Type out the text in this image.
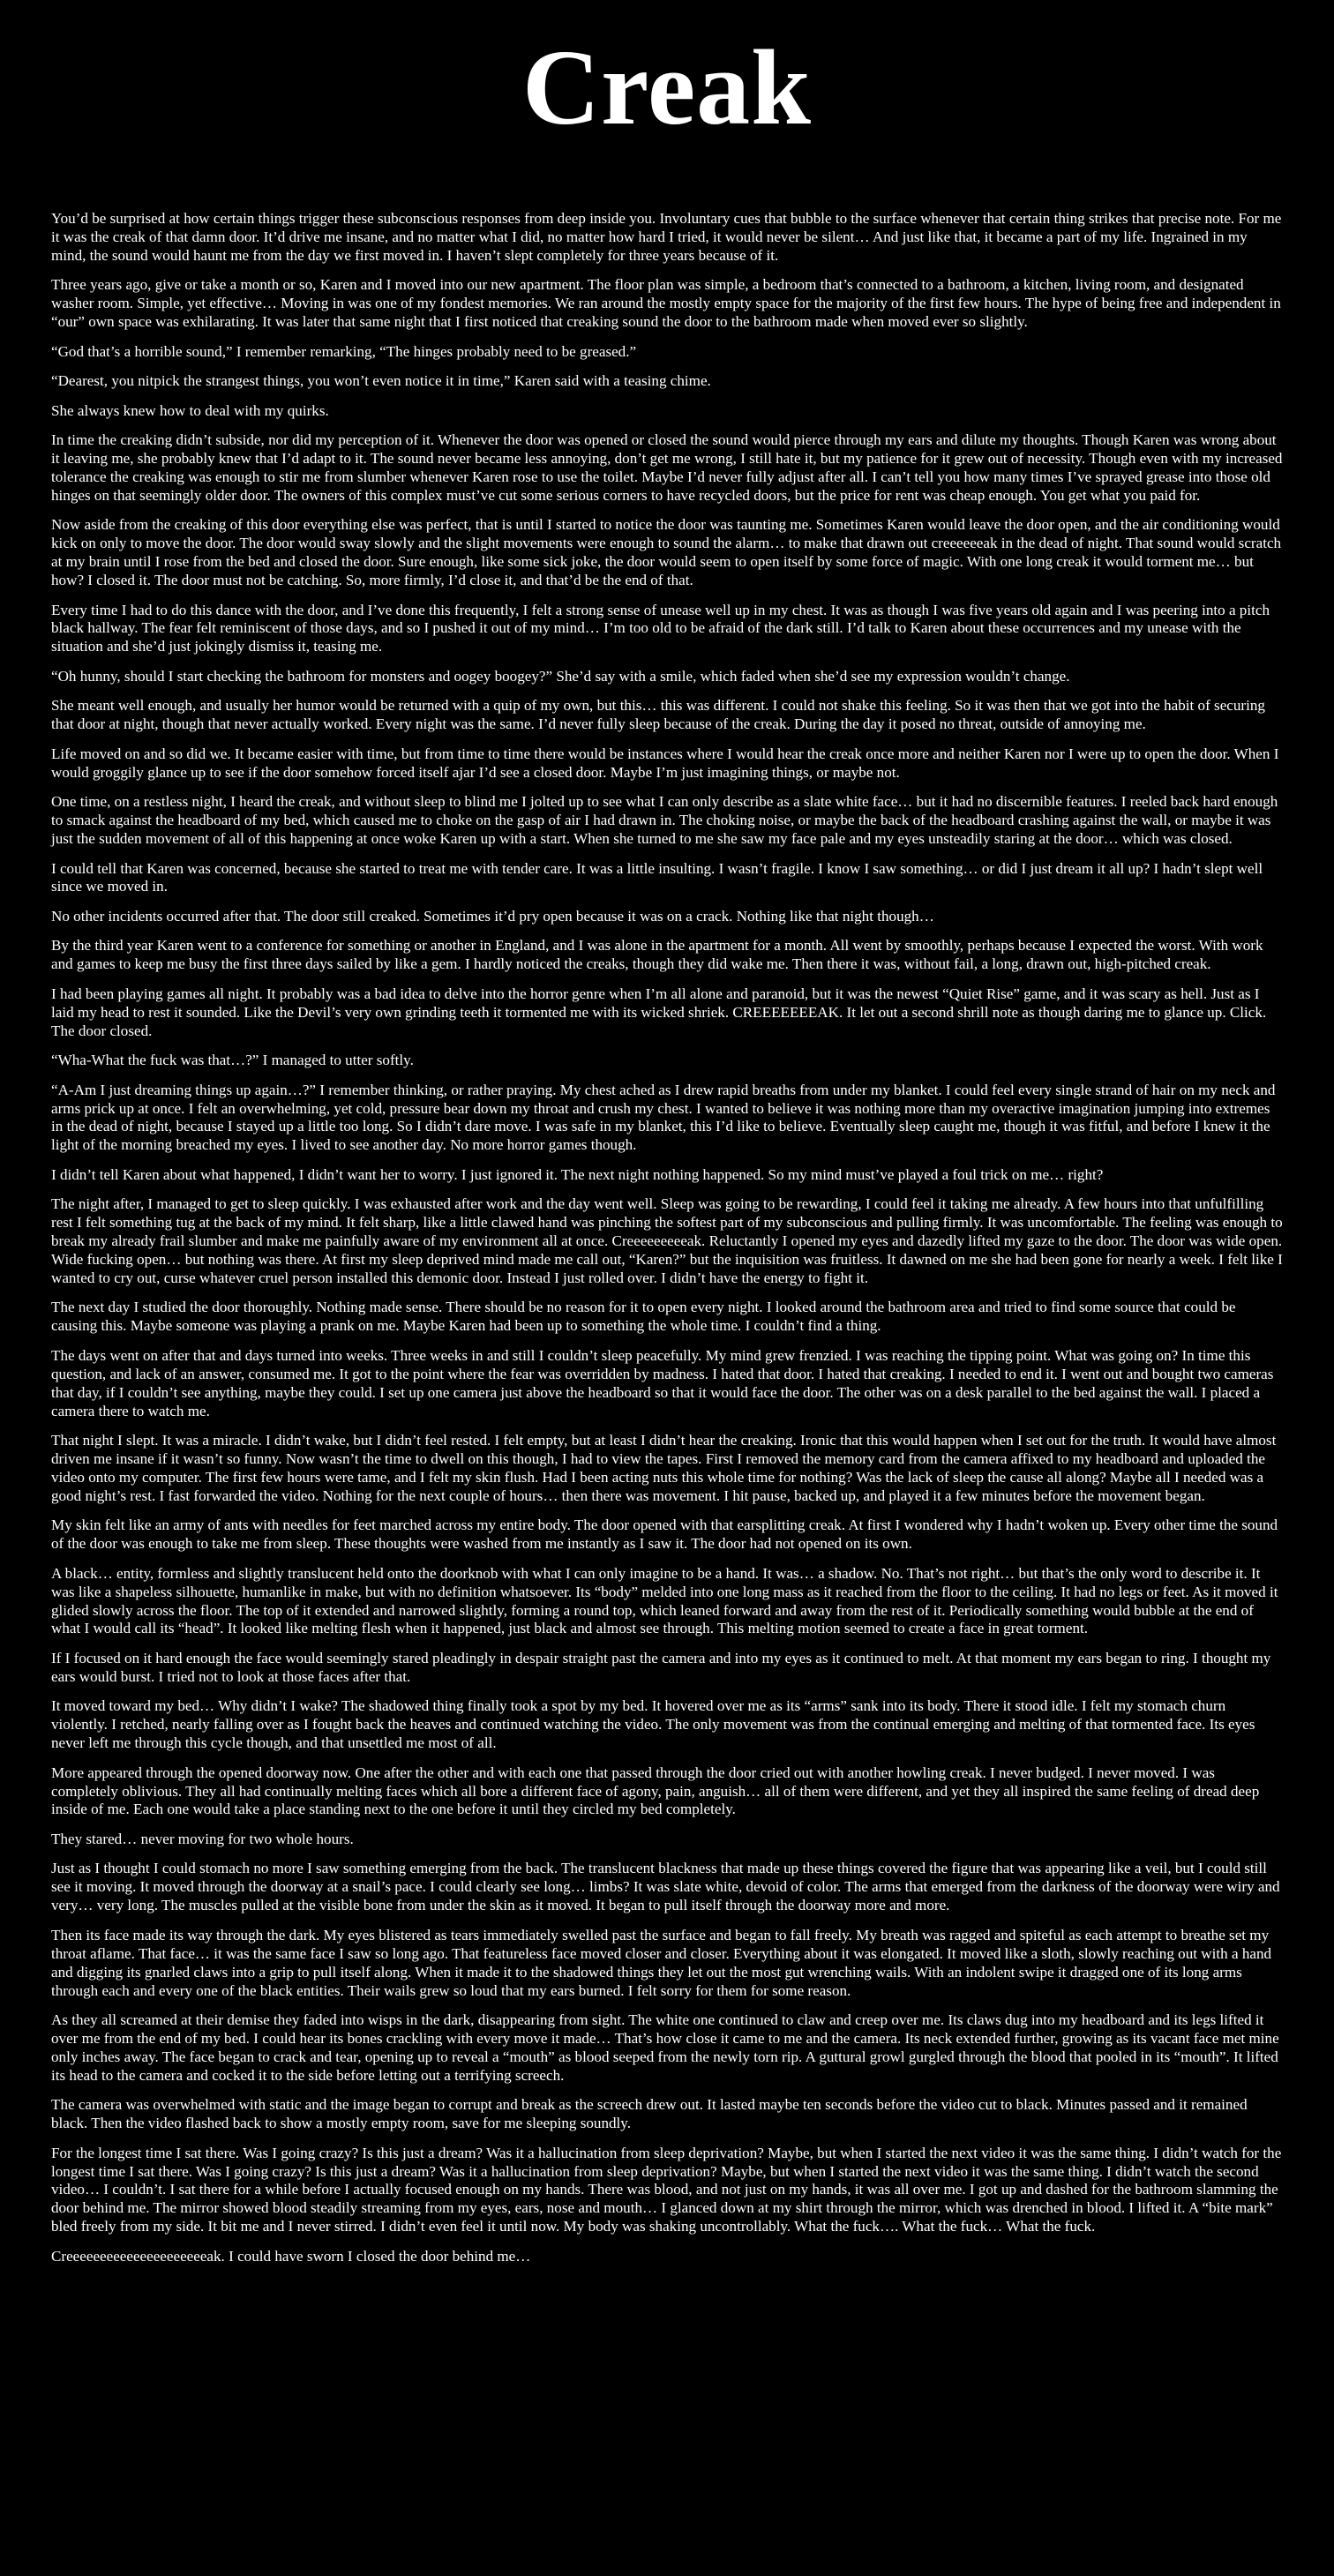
Creak

You’d be surprised at how certain things trigger these subconscious responses from deep inside you. Involuntary cues that bubble to the surface whenever that certain thing strikes that precise note. For me it was the creak of that damn door. It’d drive me insane, and no matter what I did, no matter how hard I tried, it would never be silent… And just like that, it became a part of my life. Ingrained in my mind, the sound would haunt me from the day we first moved in. I haven’t slept completely for three years because of it.

Three years ago, give or take a month or so, Karen and I moved into our new apartment. The floor plan was simple, a bedroom that’s connected to a bathroom, a kitchen, living room, and designated washer room. Simple, yet effective… Moving in was one of my fondest memories. We ran around the mostly empty space for the majority of the first few hours. The hype of being free and independent in “our” own space was exhilarating. It was later that same night that I first noticed that creaking sound the door to the bathroom made when moved ever so slightly.

“God that’s a horrible sound,” I remember remarking, “The hinges probably need to be greased.”

“Dearest, you nitpick the strangest things, you won’t even notice it in time,” Karen said with a teasing chime.

She always knew how to deal with my quirks.

In time the creaking didn’t subside, nor did my perception of it. Whenever the door was opened or closed the sound would pierce through my ears and dilute my thoughts. Though Karen was wrong about it leaving me, she probably knew that I’d adapt to it. The sound never became less annoying, don’t get me wrong, I still hate it, but my patience for it grew out of necessity. Though even with my increased tolerance the creaking was enough to stir me from slumber whenever Karen rose to use the toilet. Maybe I’d never fully adjust after all. I can’t tell you how many times I’ve sprayed grease into those old hinges on that seemingly older door. The owners of this complex must’ve cut some serious corners to have recycled doors, but the price for rent was cheap enough. You get what you paid for.

Now aside from the creaking of this door everything else was perfect, that is until I started to notice the door was taunting me. Sometimes Karen would leave the door open, and the air conditioning would kick on only to move the door. The door would sway slowly and the slight movements were enough to sound the alarm… to make that drawn out creeeeeeak in the dead of night. That sound would scratch at my brain until I rose from the bed and closed the door. Sure enough, like some sick joke, the door would seem to open itself by some force of magic. With one long creak it would torment me… but how? I closed it. The door must not be catching. So, more firmly, I’d close it, and that’d be the end of that.

Every time I had to do this dance with the door, and I’ve done this frequently, I felt a strong sense of unease well up in my chest. It was as though I was five years old again and I was peering into a pitch black hallway. The fear felt reminiscent of those days, and so I pushed it out of my mind… I’m too old to be afraid of the dark still. I’d talk to Karen about these occurrences and my unease with the situation and she’d just jokingly dismiss it, teasing me.

“Oh hunny, should I start checking the bathroom for monsters and oogey boogey?” She’d say with a smile, which faded when she’d see my expression wouldn’t change.

She meant well enough, and usually her humor would be returned with a quip of my own, but this… this was different. I could not shake this feeling. So it was then that we got into the habit of securing that door at night, though that never actually worked. Every night was the same. I’d never fully sleep because of the creak. During the day it posed no threat, outside of annoying me.

Life moved on and so did we. It became easier with time, but from time to time there would be instances where I would hear the creak once more and neither Karen nor I were up to open the door. When I would groggily glance up to see if the door somehow forced itself ajar I’d see a closed door. Maybe I’m just imagining things, or maybe not.

One time, on a restless night, I heard the creak, and without sleep to blind me I jolted up to see what I can only describe as a slate white face… but it had no discernible features. I reeled back hard enough to smack against the headboard of my bed, which caused me to choke on the gasp of air I had drawn in. The choking noise, or maybe the back of the headboard crashing against the wall, or maybe it was just the sudden movement of all of this happening at once woke Karen up with a start. When she turned to me she saw my face pale and my eyes unsteadily staring at the door… which was closed.

I could tell that Karen was concerned, because she started to treat me with tender care. It was a little insulting. I wasn’t fragile. I know I saw something… or did I just dream it all up? I hadn’t slept well since we moved in.

No other incidents occurred after that. The door still creaked. Sometimes it’d pry open because it was on a crack. Nothing like that night though…

By the third year Karen went to a conference for something or another in England, and I was alone in the apartment for a month. All went by smoothly, perhaps because I expected the worst. With work and games to keep me busy the first three days sailed by like a gem. I hardly noticed the creaks, though they did wake me. Then there it was, without fail, a long, drawn out, high-pitched creak.

I had been playing games all night. It probably was a bad idea to delve into the horror genre when I’m all alone and paranoid, but it was the newest “Quiet Rise” game, and it was scary as hell. Just as I laid my head to rest it sounded. Like the Devil’s very own grinding teeth it tormented me with its wicked shriek. CREEEEEEEAK. It let out a second shrill note as though daring me to glance up. Click. The door closed.

“Wha-What the fuck was that…?” I managed to utter softly.

“A-Am I just dreaming things up again…?” I remember thinking, or rather praying. My chest ached as I drew rapid breaths from under my blanket. I could feel every single strand of hair on my neck and arms prick up at once. I felt an overwhelming, yet cold, pressure bear down my throat and crush my chest. I wanted to believe it was nothing more than my overactive imagination jumping into extremes in the dead of night, because I stayed up a little too long. So I didn’t dare move. I was safe in my blanket, this I’d like to believe. Eventually sleep caught me, though it was fitful, and before I knew it the light of the morning breached my eyes. I lived to see another day. No more horror games though.

I didn’t tell Karen about what happened, I didn’t want her to worry. I just ignored it. The next night nothing happened. So my mind must’ve played a foul trick on me… right?

The night after, I managed to get to sleep quickly. I was exhausted after work and the day went well. Sleep was going to be rewarding, I could feel it taking me already. A few hours into that unfulfilling rest I felt something tug at the back of my mind. It felt sharp, like a little clawed hand was pinching the softest part of my subconscious and pulling firmly. It was uncomfortable. The feeling was enough to break my already frail slumber and make me painfully aware of my environment all at once. Creeeeeeeeeak. Reluctantly I opened my eyes and dazedly lifted my gaze to the door. The door was wide open. Wide fucking open… but nothing was there. At first my sleep deprived mind made me call out, “Karen?” but the inquisition was fruitless. It dawned on me she had been gone for nearly a week. I felt like I wanted to cry out, curse whatever cruel person installed this demonic door. Instead I just rolled over. I didn’t have the energy to fight it.

The next day I studied the door thoroughly. Nothing made sense. There should be no reason for it to open every night. I looked around the bathroom area and tried to find some source that could be causing this. Maybe someone was playing a prank on me. Maybe Karen had been up to something the whole time. I couldn’t find a thing.

The days went on after that and days turned into weeks. Three weeks in and still I couldn’t sleep peacefully. My mind grew frenzied. I was reaching the tipping point. What was going on? In time this question, and lack of an answer, consumed me. It got to the point where the fear was overridden by madness. I hated that door. I hated that creaking. I needed to end it. I went out and bought two cameras that day, if I couldn’t see anything, maybe they could. I set up one camera just above the headboard so that it would face the door. The other was on a desk parallel to the bed against the wall. I placed a camera there to watch me.

That night I slept. It was a miracle. I didn’t wake, but I didn’t feel rested. I felt empty, but at least I didn’t hear the creaking. Ironic that this would happen when I set out for the truth. It would have almost driven me insane if it wasn’t so funny. Now wasn’t the time to dwell on this though, I had to view the tapes. First I removed the memory card from the camera affixed to my headboard and uploaded the video onto my computer. The first few hours were tame, and I felt my skin flush. Had I been acting nuts this whole time for nothing? Was the lack of sleep the cause all along? Maybe all I needed was a good night’s rest. I fast forwarded the video. Nothing for the next couple of hours… then there was movement. I hit pause, backed up, and played it a few minutes before the movement began.

My skin felt like an army of ants with needles for feet marched across my entire body. The door opened with that earsplitting creak. At first I wondered why I hadn’t woken up. Every other time the sound of the door was enough to take me from sleep. These thoughts were washed from me instantly as I saw it. The door had not opened on its own.

A black… entity, formless and slightly translucent held onto the doorknob with what I can only imagine to be a hand. It was… a shadow. No. That’s not right… but that’s the only word to describe it. It was like a shapeless silhouette, humanlike in make, but with no definition whatsoever. Its “body” melded into one long mass as it reached from the floor to the ceiling. It had no legs or feet. As it moved it glided slowly across the floor. The top of it extended and narrowed slightly, forming a round top, which leaned forward and away from the rest of it. Periodically something would bubble at the end of what I would call its “head”. It looked like melting flesh when it happened, just black and almost see through. This melting motion seemed to create a face in great torment.

If I focused on it hard enough the face would seemingly stared pleadingly in despair straight past the camera and into my eyes as it continued to melt. At that moment my ears began to ring. I thought my ears would burst. I tried not to look at those faces after that.

It moved toward my bed… Why didn’t I wake? The shadowed thing finally took a spot by my bed. It hovered over me as its “arms” sank into its body. There it stood idle. I felt my stomach churn violently. I retched, nearly falling over as I fought back the heaves and continued watching the video. The only movement was from the continual emerging and melting of that tormented face. Its eyes never left me through this cycle though, and that unsettled me most of all.

More appeared through the opened doorway now. One after the other and with each one that passed through the door cried out with another howling creak. I never budged. I never moved. I was completely oblivious. They all had continually melting faces which all bore a different face of agony, pain, anguish… all of them were different, and yet they all inspired the same feeling of dread deep inside of me. Each one would take a place standing next to the one before it until they circled my bed completely.

They stared… never moving for two whole hours.

Just as I thought I could stomach no more I saw something emerging from the back. The translucent blackness that made up these things covered the figure that was appearing like a veil, but I could still see it moving. It moved through the doorway at a snail’s pace. I could clearly see long… limbs? It was slate white, devoid of color. The arms that emerged from the darkness of the doorway were wiry and very… very long. The muscles pulled at the visible bone from under the skin as it moved. It began to pull itself through the doorway more and more.

Then its face made its way through the dark. My eyes blistered as tears immediately swelled past the surface and began to fall freely. My breath was ragged and spiteful as each attempt to breathe set my throat aflame. That face… it was the same face I saw so long ago. That featureless face moved closer and closer. Everything about it was elongated. It moved like a sloth, slowly reaching out with a hand and digging its gnarled claws into a grip to pull itself along. When it made it to the shadowed things they let out the most gut wrenching wails. With an indolent swipe it dragged one of its long arms through each and every one of the black entities. Their wails grew so loud that my ears burned. I felt sorry for them for some reason.

As they all screamed at their demise they faded into wisps in the dark, disappearing from sight. The white one continued to claw and creep over me. Its claws dug into my headboard and its legs lifted it over me from the end of my bed. I could hear its bones crackling with every move it made… That’s how close it came to me and the camera. Its neck extended further, growing as its vacant face met mine only inches away. The face began to crack and tear, opening up to reveal a “mouth” as blood seeped from the newly torn rip. A guttural growl gurgled through the blood that pooled in its “mouth”. It lifted its head to the camera and cocked it to the side before letting out a terrifying screech.

The camera was overwhelmed with static and the image began to corrupt and break as the screech drew out. It lasted maybe ten seconds before the video cut to black. Minutes passed and it remained black. Then the video flashed back to show a mostly empty room, save for me sleeping soundly.

For the longest time I sat there. Was I going crazy? Is this just a dream? Was it a hallucination from sleep deprivation? Maybe, but when I started the next video it was the same thing. I didn’t watch for the longest time I sat there. Was I going crazy? Is this just a dream? Was it a hallucination from sleep deprivation? Maybe, but when I started the next video it was the same thing. I didn’t watch the second video… I couldn’t. I sat there for a while before I actually focused enough on my hands. There was blood, and not just on my hands, it was all over me. I got up and dashed for the bathroom slamming the door behind me. The mirror showed blood steadily streaming from my eyes, ears, nose and mouth… I glanced down at my shirt through the mirror, which was drenched in blood. I lifted it. A “bite mark” bled freely from my side. It bit me and I never stirred. I didn’t even feel it until now. My body was shaking uncontrollably. What the fuck…. What the fuck… What the fuck.

Creeeeeeeeeeeeeeeeeeeeeak. I could have sworn I closed the door behind me…
